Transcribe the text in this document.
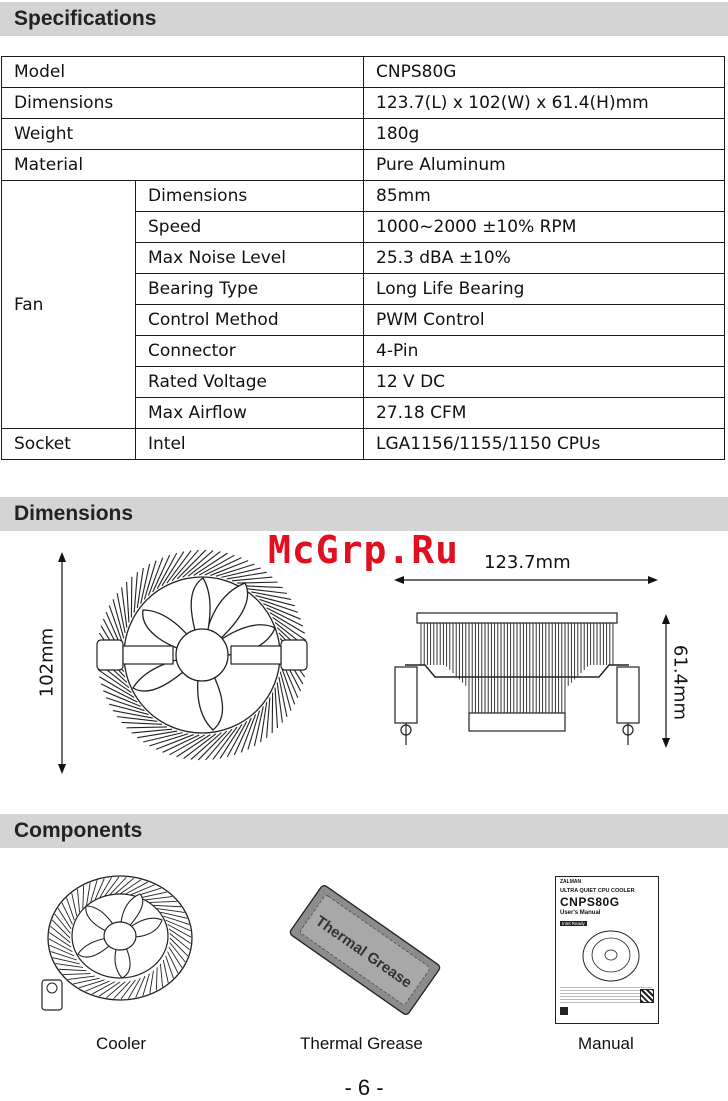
Specifications
Model		CNPS80G
Dimensions		123.7(L) x 102(W) x 61.4(H)mm
Weight		180g
Material		Pure Aluminum
Fan	Dimensions	85mm
	Speed	1000~2000 ±10% RPM
	Max Noise Level	25.3 dBA ±10%
	Bearing Type	Long Life Bearing
	Control Method	PWM Control
	Connector	4-Pin
	Rated Voltage	12 V DC
	Max Airflow	27.18 CFM
Socket	Intel	LGA1156/1155/1150 CPUs
Dimensions
McGrp.Ru
102mm
123.7mm
61.4mm
Components
Cooler
Thermal Grease
Thermal Grease
ZALMAN
ULTRA QUIET CPU COOLER
CNPS80G
User's Manual
Intel Ready
Manual
- 6 -
